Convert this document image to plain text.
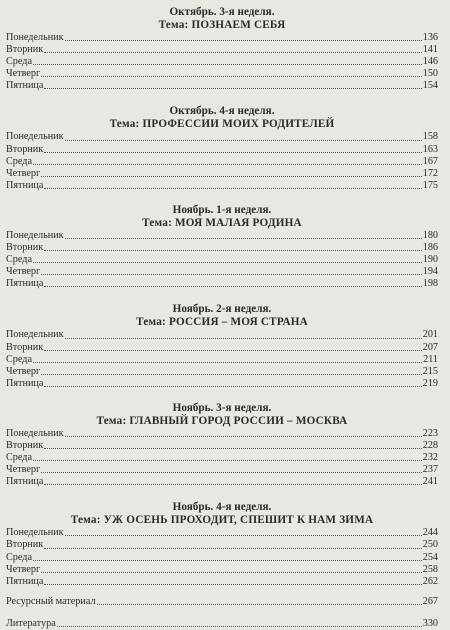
Октябрь. 3-я неделя.
Тема: ПОЗНАЕМ СЕБЯ
Понедельник	136
Вторник	141
Среда	146
Четверг	150
Пятница	154
Октябрь. 4-я неделя.
Тема: ПРОФЕССИИ МОИХ РОДИТЕЛЕЙ
Понедельник	158
Вторник	163
Среда	167
Четверг	172
Пятница	175
Ноябрь. 1-я неделя.
Тема: МОЯ МАЛАЯ РОДИНА
Понедельник	180
Вторник	186
Среда	190
Четверг	194
Пятница	198
Ноябрь. 2-я неделя.
Тема: РОССИЯ – МОЯ СТРАНА
Понедельник	201
Вторник	207
Среда	211
Четверг	215
Пятница	219
Ноябрь. 3-я неделя.
Тема: ГЛАВНЫЙ ГОРОД РОССИИ – МОСКВА
Понедельник	223
Вторник	228
Среда	232
Четверг	237
Пятница	241
Ноябрь. 4-я неделя.
Тема: УЖ ОСЕНЬ ПРОХОДИТ, СПЕШИТ К НАМ ЗИМА
Понедельник	244
Вторник	250
Среда	254
Четверг	258
Пятница	262
Ресурсный материал	267
Литература	330
